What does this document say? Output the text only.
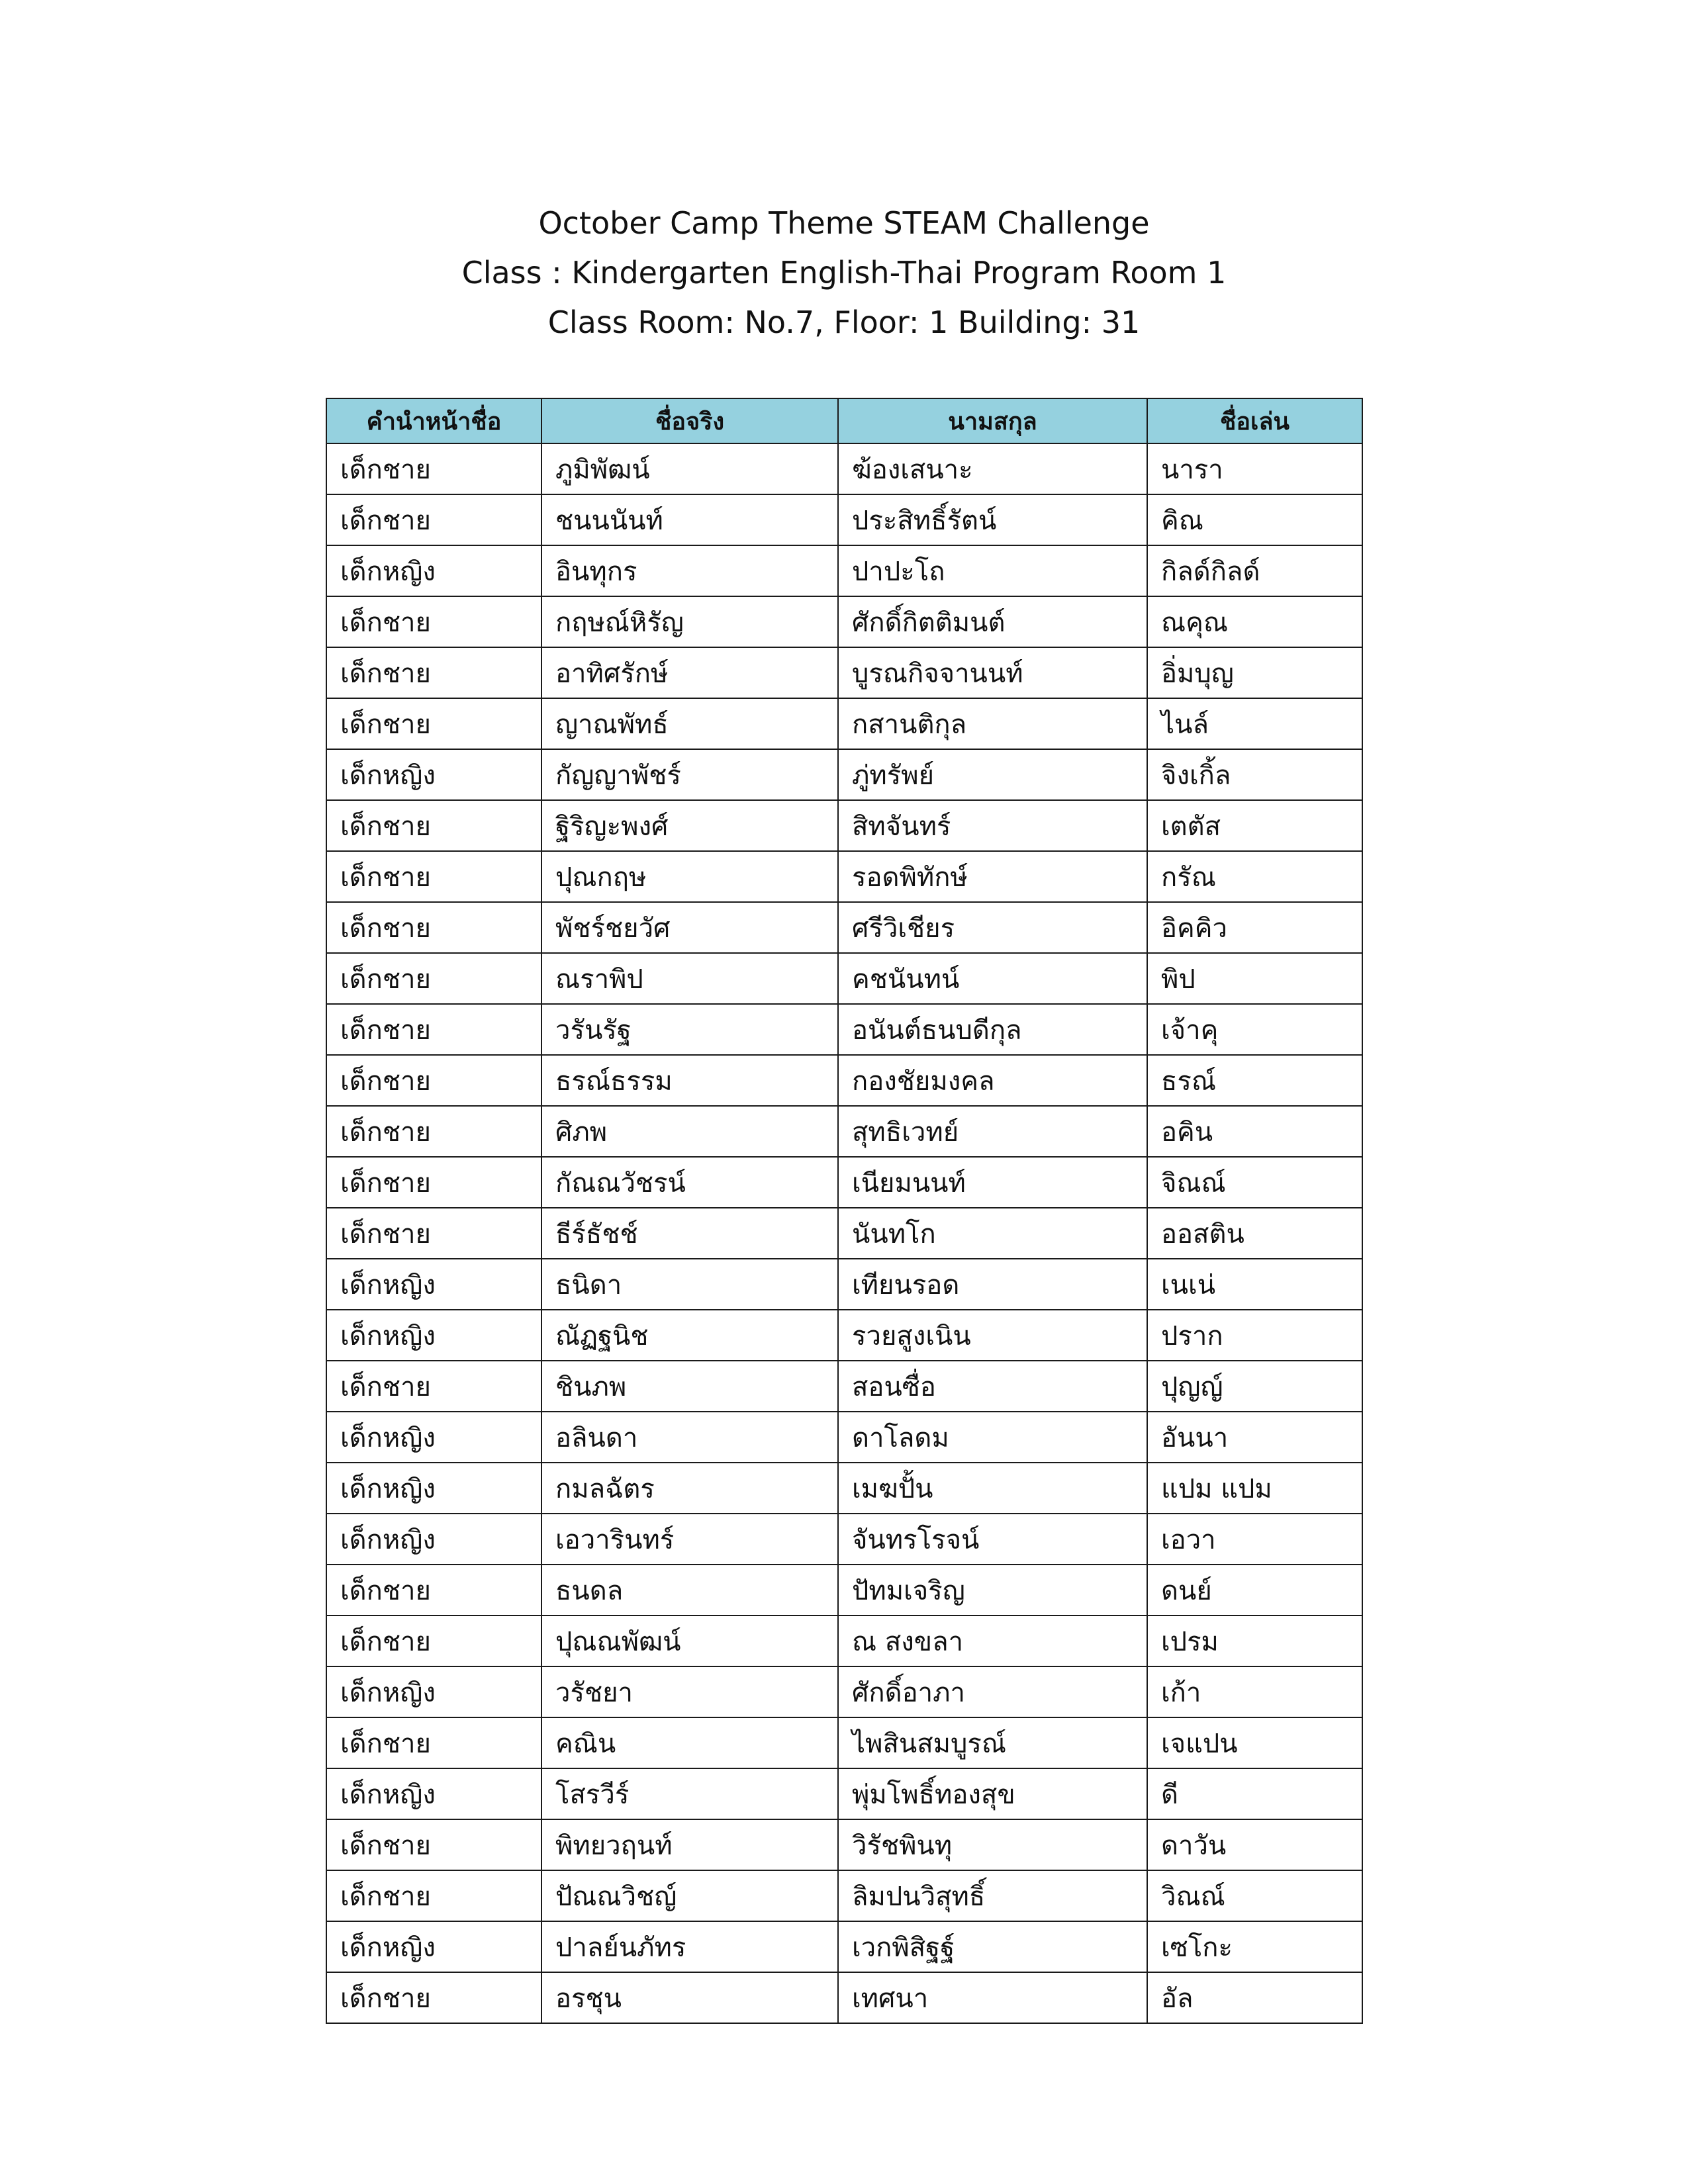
October Camp Theme STEAM Challenge
Class : Kindergarten English-Thai Program Room 1
Class Room: No.7, Floor: 1 Building: 31
คำนำหน้าชื่อ	ชื่อจริง	นามสกุล	ชื่อเล่น
เด็กชาย	ภูมิพัฒน์	ฆ้องเสนาะ	นารา
เด็กชาย	ชนนนันท์	ประสิทธิ์รัตน์	คิณ
เด็กหญิง	อินทุกร	ปาปะโถ	กิลด์กิลด์
เด็กชาย	กฤษณ์หิรัญ	ศักดิ์กิตติมนต์	ณคุณ
เด็กชาย	อาทิศรักษ์	บูรณกิจจานนท์	อิ่มบุญ
เด็กชาย	ญาณพัทธ์	กสานติกุล	ไนล์
เด็กหญิง	กัญญาพัชร์	ภู่ทรัพย์	จิงเกิ้ล
เด็กชาย	ฐิริญะพงศ์	สิทจันทร์	เตตัส
เด็กชาย	ปุณกฤษ	รอดพิทักษ์	กรัณ
เด็กชาย	พัชร์ชยวัศ	ศรีวิเชียร	อิคคิว
เด็กชาย	ณราพิป	คชนันทน์	พิป
เด็กชาย	วรันรัฐ	อนันต์ธนบดีกุล	เจ้าคุ
เด็กชาย	ธรณ์ธรรม	กองชัยมงคล	ธรณ์
เด็กชาย	ศิภพ	สุทธิเวทย์	อคิน
เด็กชาย	กัณณวัชรน์	เนียมนนท์	จิณณ์
เด็กชาย	ธีร์ธัชช์	นันทโก	ออสติน
เด็กหญิง	ธนิดา	เทียนรอด	เนเน่
เด็กหญิง	ณัฏฐนิช	รวยสูงเนิน	ปราก
เด็กชาย	ชินภพ	สอนซื่อ	ปุญญ์
เด็กหญิง	อลินดา	ดาโลดม	อันนา
เด็กหญิง	กมลฉัตร	เมฆปั้น	แปม แปม
เด็กหญิง	เอวารินทร์	จันทรโรจน์	เอวา
เด็กชาย	ธนดล	ปัทมเจริญ	ดนย์
เด็กชาย	ปุณณพัฒน์	ณ สงขลา	เปรม
เด็กหญิง	วรัชยา	ศักดิ์อาภา	เก้า
เด็กชาย	คณิน	ไพสินสมบูรณ์	เจแปน
เด็กหญิง	โสรวีร์	พุ่มโพธิ์ทองสุข	ดี
เด็กชาย	พิทยวฤนท์	วิรัชพินทุ	ดาวัน
เด็กชาย	ปัณณวิชญ์	ลิมปนวิสุทธิ์	วิณณ์
เด็กหญิง	ปาลย์นภัทร	เวกพิสิฐฐ์	เซโกะ
เด็กชาย	อรชุน	เทศนา	อัล
